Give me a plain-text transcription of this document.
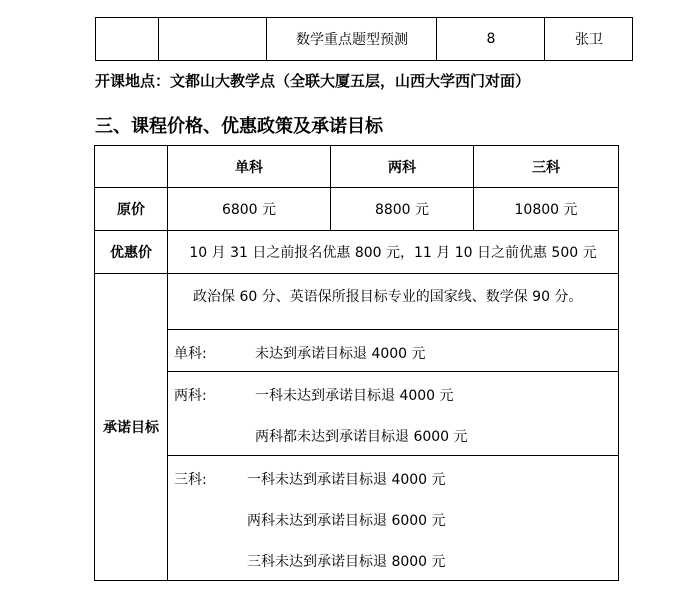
数学重点题型预测	8	张卫
开课地点：文都山大教学点（全联大厦五层，山西大学西门对面）
三、课程价格、优惠政策及承诺目标
单科	两科	三科
原价	6800 元	8800 元	10800 元
优惠价	10 月 31 日之前报名优惠 800 元，11 月 10 日之前优惠 500 元
承诺目标
政治保 60 分、英语保所报目标专业的国家线、数学保 90 分。
单科:	未达到承诺目标退 4000 元
两科:	一科未达到承诺目标退 4000 元
两科都未达到承诺目标退 6000 元
三科:	一科未达到承诺目标退 4000 元
两科未达到承诺目标退 6000 元
三科未达到承诺目标退 8000 元
